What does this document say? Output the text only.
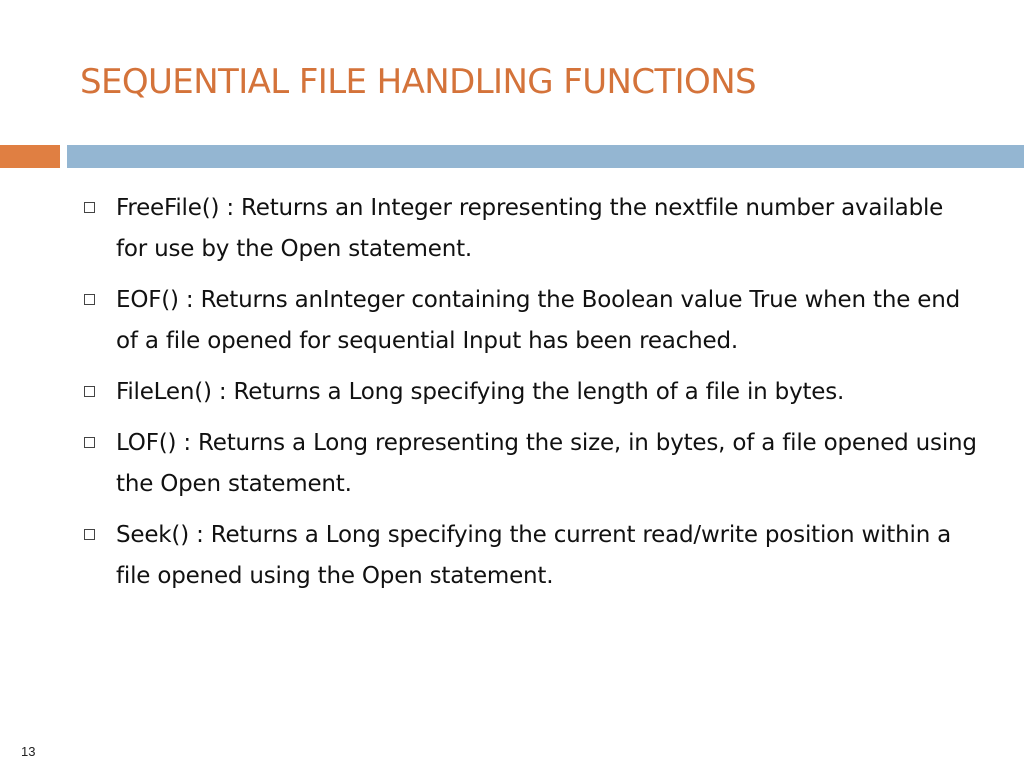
SEQUENTIAL FILE HANDLING FUNCTIONS
FreeFile() : Returns an Integer representing the nextfile number available for use by the Open statement.
EOF() : Returns anInteger containing the Boolean value True when the end of a file opened for sequential Input has been reached.
FileLen() : Returns a Long specifying the length of a file in bytes.
LOF() : Returns a Long representing the size, in bytes, of a file opened using the Open statement.
Seek() : Returns a Long specifying the current read/write position within a file opened using the Open statement.
13
